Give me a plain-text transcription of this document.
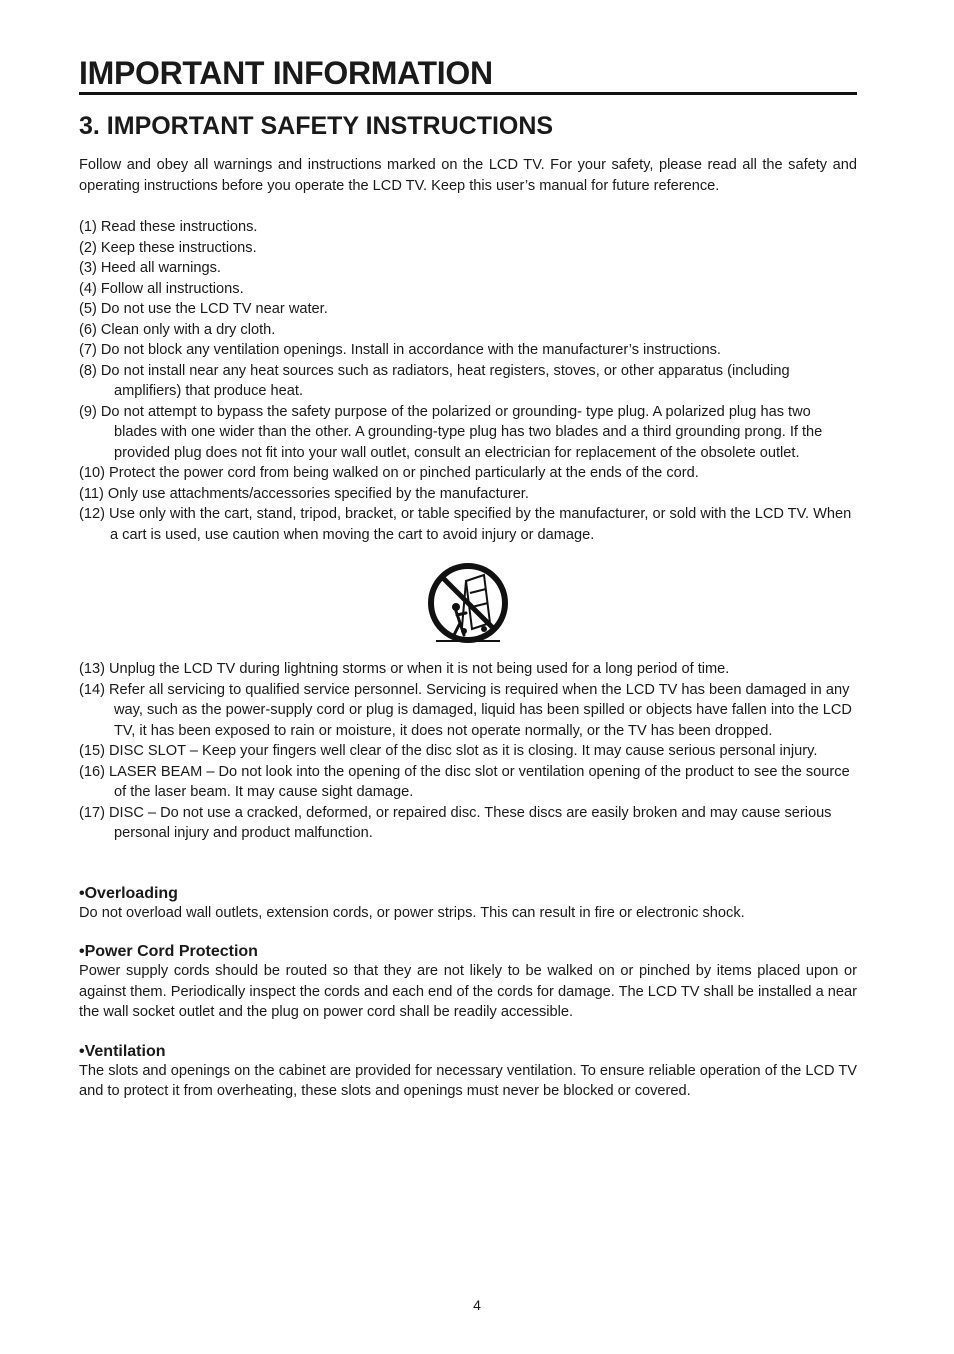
IMPORTANT INFORMATION
3. IMPORTANT SAFETY INSTRUCTIONS

Follow and obey all warnings and instructions marked on the LCD TV. For your safety, please read all the safety and operating instructions before you operate the LCD TV. Keep this user’s manual for future reference.

(1) Read these instructions.
(2) Keep these instructions.
(3) Heed all warnings.
(4) Follow all instructions.
(5) Do not use the LCD TV near water.
(6) Clean only with a dry cloth.
(7) Do not block any ventilation openings. Install in accordance with the manufacturer’s instructions.
(8) Do not install near any heat sources such as radiators, heat registers, stoves, or other apparatus (including amplifiers) that produce heat.
(9) Do not attempt to bypass the safety purpose of the polarized or grounding- type plug. A polarized plug has two blades with one wider than the other. A grounding-type plug has two blades and a third grounding prong. If the provided plug does not fit into your wall outlet, consult an electrician for replacement of the obsolete outlet.
(10) Protect the power cord from being walked on or pinched particularly at the ends of the cord.
(11) Only use attachments/accessories specified by the manufacturer.
(12) Use only with the cart, stand, tripod, bracket, or table specified by the manufacturer, or sold with the LCD TV. When a cart is used, use caution when moving the cart to avoid injury or damage.
(13) Unplug the LCD TV during lightning storms or when it is not being used for a long period of time.
(14) Refer all servicing to qualified service personnel. Servicing is required when the LCD TV has been damaged in any way, such as the power-supply cord or plug is damaged, liquid has been spilled or objects have fallen into the LCD TV, it has been exposed to rain or moisture, it does not operate normally, or the TV has been dropped.
(15) DISC SLOT – Keep your fingers well clear of the disc slot as it is closing. It may cause serious personal injury.
(16) LASER BEAM – Do not look into the opening of the disc slot or ventilation opening of the product to see the source of the laser beam. It may cause sight damage.
(17) DISC – Do not use a cracked, deformed, or repaired disc. These discs are easily broken and may cause serious personal injury and product malfunction.

•Overloading

Do not overload wall outlets, extension cords, or power strips. This can result in fire or electronic shock.

•Power Cord Protection

Power supply cords should be routed so that they are not likely to be walked on or pinched by items placed upon or against them. Periodically inspect the cords and each end of the cords for damage. The LCD TV shall be installed a near the wall socket outlet and the plug on power cord shall be readily accessible.

•Ventilation

The slots and openings on the cabinet are provided for necessary ventilation. To ensure reliable operation of the LCD TV and to protect it from overheating, these slots and openings must never be blocked or covered.

4
